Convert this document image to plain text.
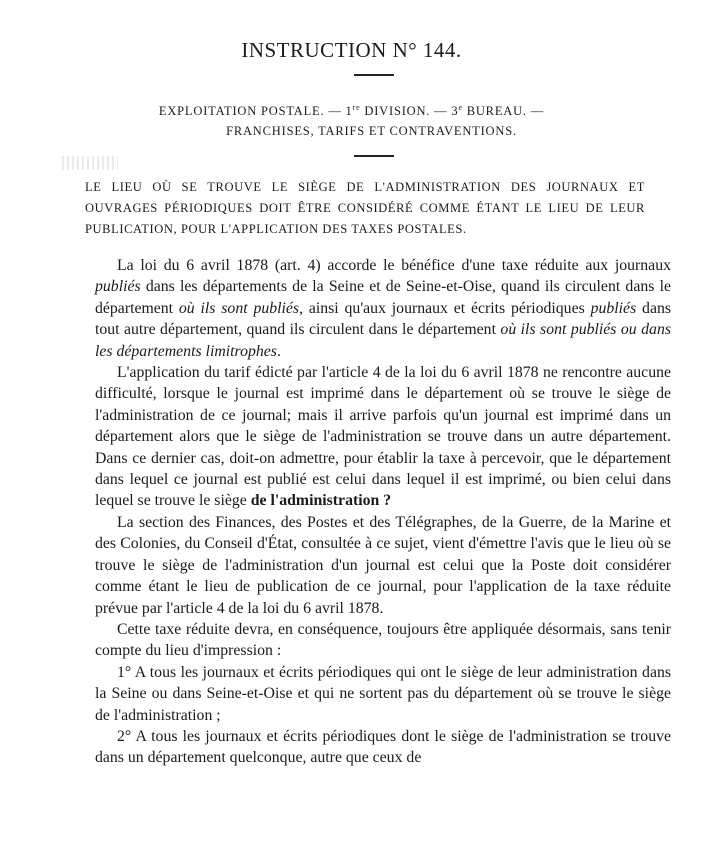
INSTRUCTION N° 144.

EXPLOITATION POSTALE. — 1re DIVISION. — 3e BUREAU. —

FRANCHISES, TARIFS ET CONTRAVENTIONS.

LE LIEU OÙ SE TROUVE LE SIÈGE DE L'ADMINISTRATION DES JOURNAUX ET OUVRAGES PÉRIODIQUES DOIT ÊTRE CONSIDÉRÉ COMME ÉTANT LE LIEU DE LEUR PUBLICATION, POUR L'APPLICATION DES TAXES POSTALES.

La loi du 6 avril 1878 (art. 4) accorde le bénéfice d'une taxe réduite aux journaux publiés dans les départements de la Seine et de Seine-et-Oise, quand ils circulent dans le département où ils sont publiés, ainsi qu'aux journaux et écrits périodiques publiés dans tout autre département, quand ils circulent dans le département où ils sont publiés ou dans les départements limitrophes.

L'application du tarif édicté par l'article 4 de la loi du 6 avril 1878 ne rencontre aucune difficulté, lorsque le journal est imprimé dans le département où se trouve le siège de l'administration de ce journal; mais il arrive parfois qu'un journal est imprimé dans un département alors que le siège de l'administration se trouve dans un autre département. Dans ce dernier cas, doit-on admettre, pour établir la taxe à percevoir, que le département dans lequel ce journal est publié est celui dans lequel il est imprimé, ou bien celui dans lequel se trouve le siège de l'administration ?

La section des Finances, des Postes et des Télégraphes, de la Guerre, de la Marine et des Colonies, du Conseil d'État, consultée à ce sujet, vient d'émettre l'avis que le lieu où se trouve le siège de l'administration d'un journal est celui que la Poste doit considérer comme étant le lieu de publication de ce journal, pour l'application de la taxe réduite prévue par l'article 4 de la loi du 6 avril 1878.

Cette taxe réduite devra, en conséquence, toujours être appliquée désormais, sans tenir compte du lieu d'impression :

1° A tous les journaux et écrits périodiques qui ont le siège de leur administration dans la Seine ou dans Seine-et-Oise et qui ne sortent pas du département où se trouve le siège de l'administration ;

2° A tous les journaux et écrits périodiques dont le siège de l'administration se trouve dans un département quelconque, autre que ceux de
